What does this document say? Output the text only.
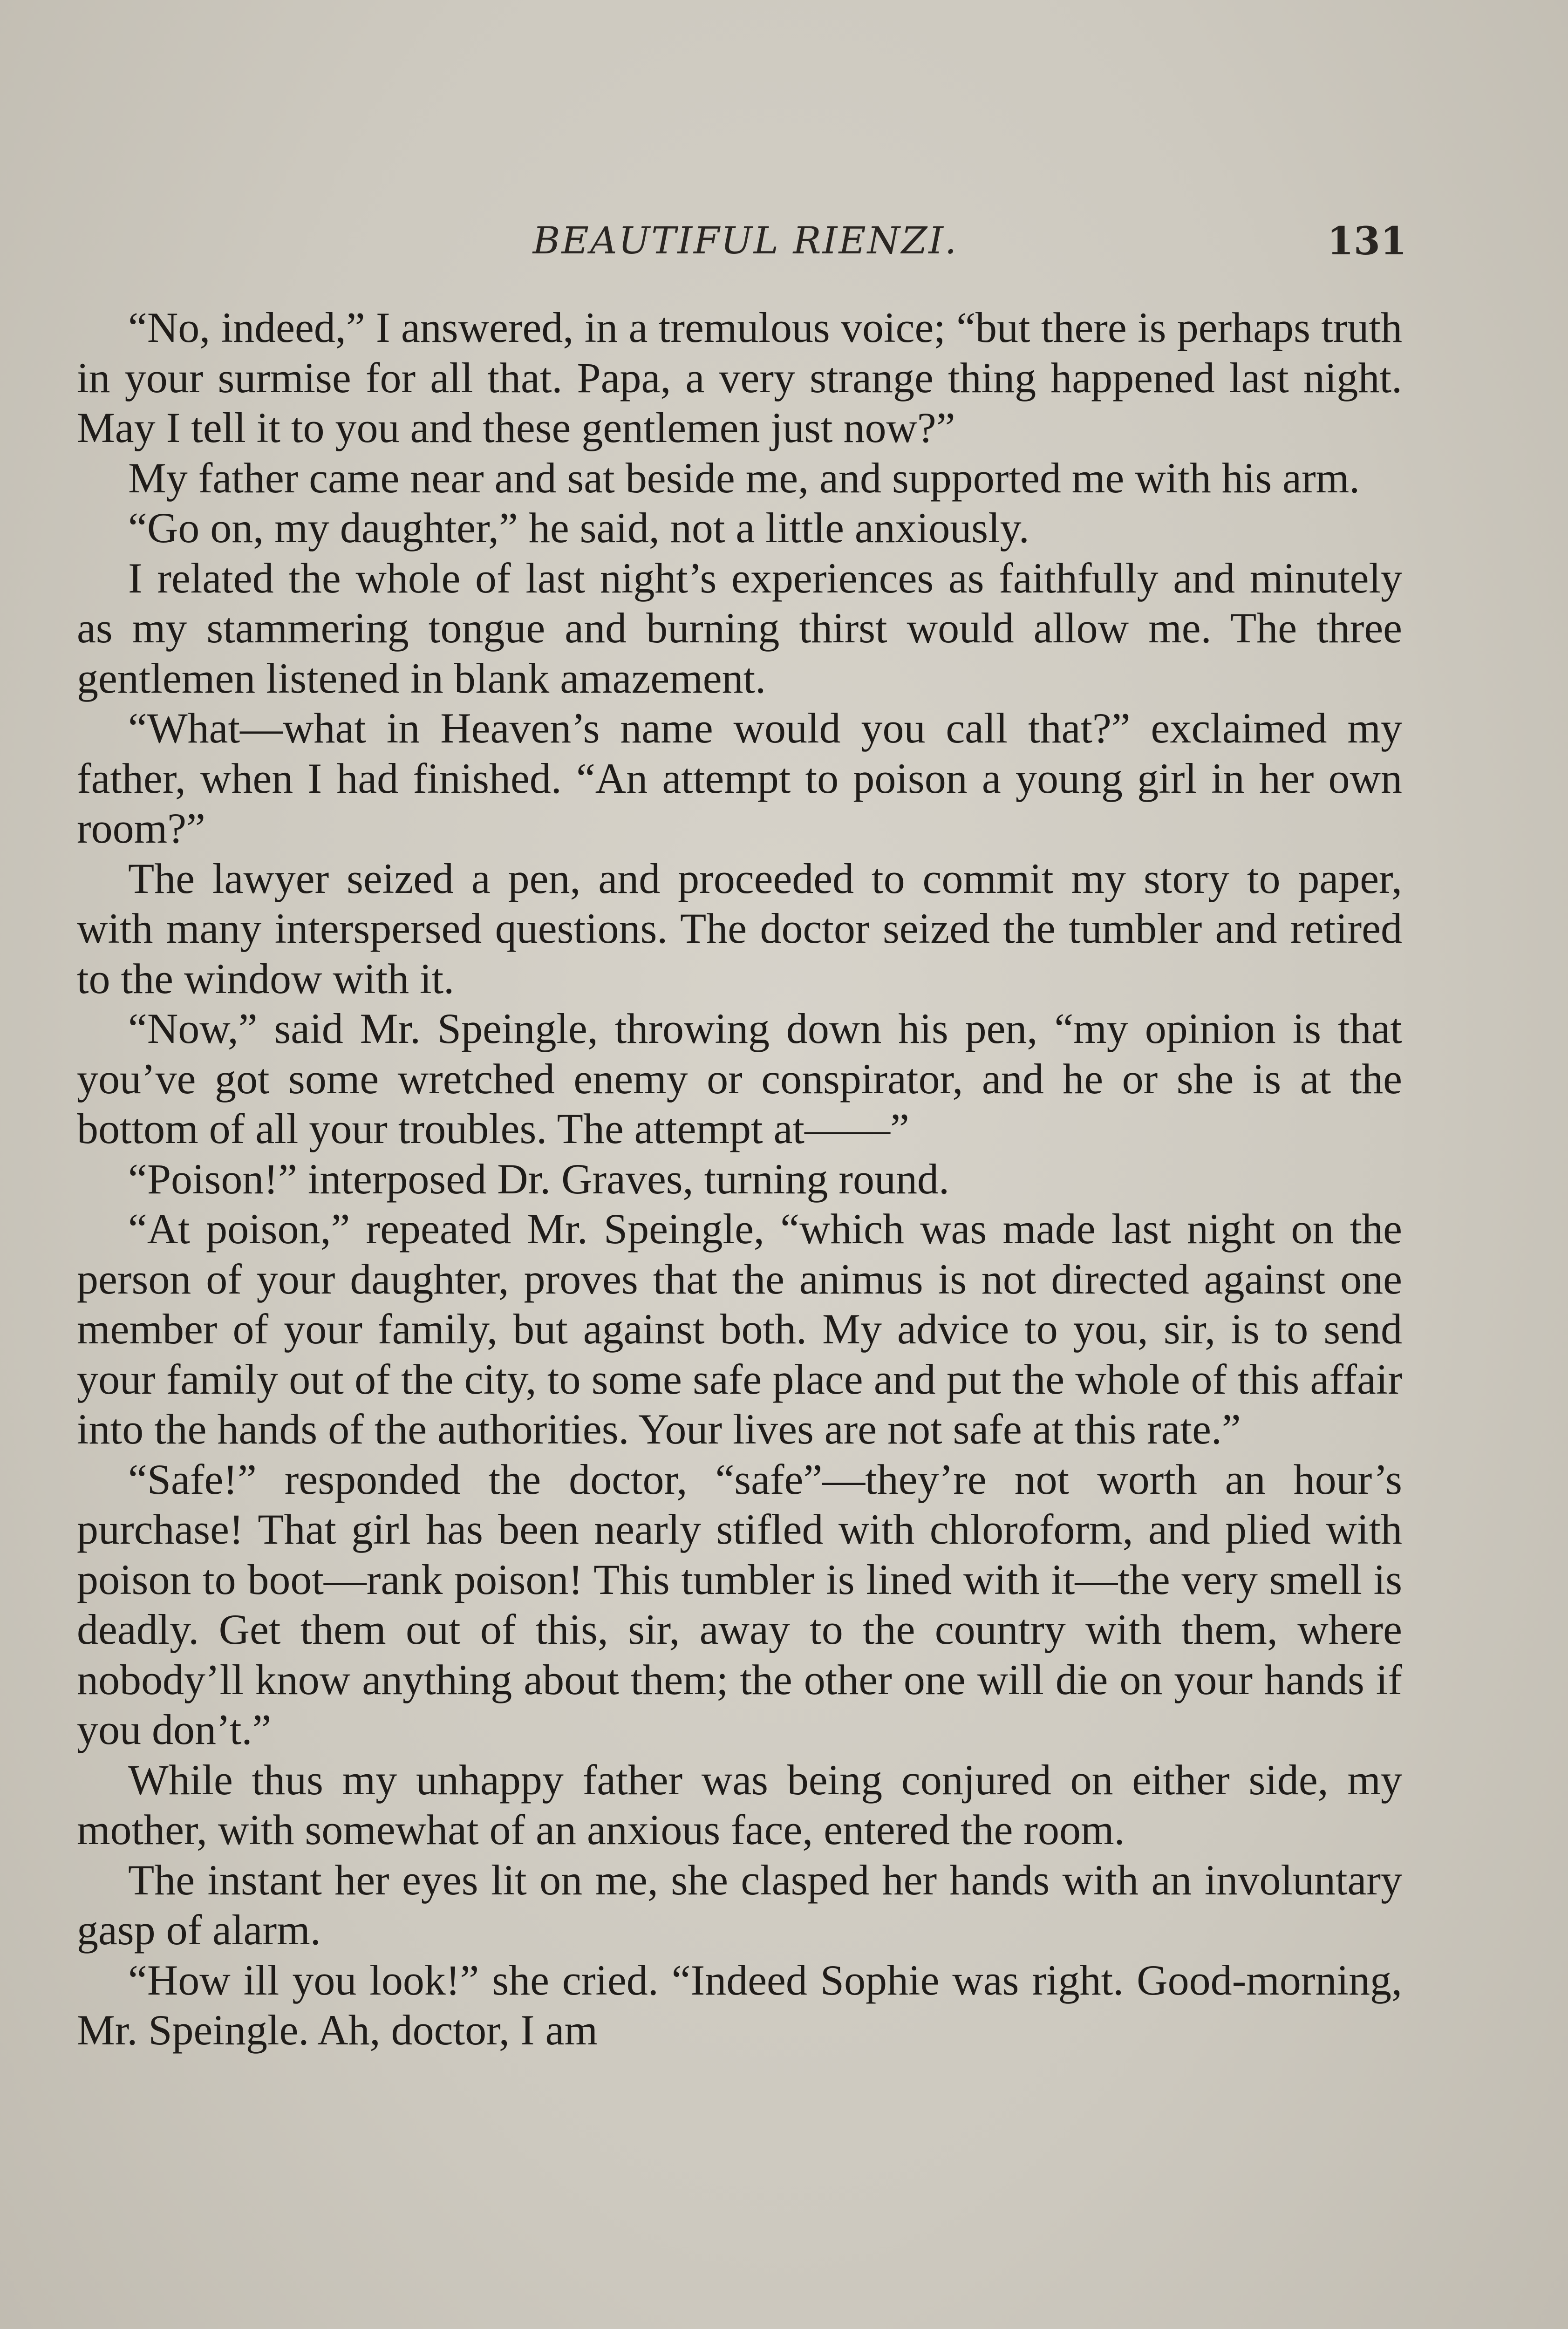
BEAUTIFUL RIENZI.	131

“No, indeed,” I answered, in a tremulous voice; “but there is perhaps truth in your surmise for all that. Papa, a very strange thing happened last night. May I tell it to you and these gentlemen just now?”

My father came near and sat beside me, and supported me with his arm.

“Go on, my daughter,” he said, not a little anxiously.

I related the whole of last night’s experiences as faithfully and minutely as my stammering tongue and burning thirst would allow me. The three gentlemen listened in blank amazement.

“What—what in Heaven’s name would you call that?” exclaimed my father, when I had finished. “An attempt to poison a young girl in her own room?”

The lawyer seized a pen, and proceeded to commit my story to paper, with many interspersed questions. The doctor seized the tumbler and retired to the window with it.

“Now,” said Mr. Speingle, throwing down his pen, “my opinion is that you’ve got some wretched enemy or conspirator, and he or she is at the bottom of all your troubles. The attempt at——”

“Poison!” interposed Dr. Graves, turning round.

“At poison,” repeated Mr. Speingle, “which was made last night on the person of your daughter, proves that the animus is not directed against one member of your family, but against both. My advice to you, sir, is to send your family out of the city, to some safe place and put the whole of this affair into the hands of the authorities. Your lives are not safe at this rate.”

“Safe!” responded the doctor, “safe”—they’re not worth an hour’s purchase! That girl has been nearly stifled with chloroform, and plied with poison to boot—rank poison! This tumbler is lined with it—the very smell is deadly. Get them out of this, sir, away to the country with them, where nobody’ll know anything about them; the other one will die on your hands if you don’t.”

While thus my unhappy father was being conjured on either side, my mother, with somewhat of an anxious face, entered the room.

The instant her eyes lit on me, she clasped her hands with an involuntary gasp of alarm.

“How ill you look!” she cried. “Indeed Sophie was right. Good-morning, Mr. Speingle. Ah, doctor, I am
